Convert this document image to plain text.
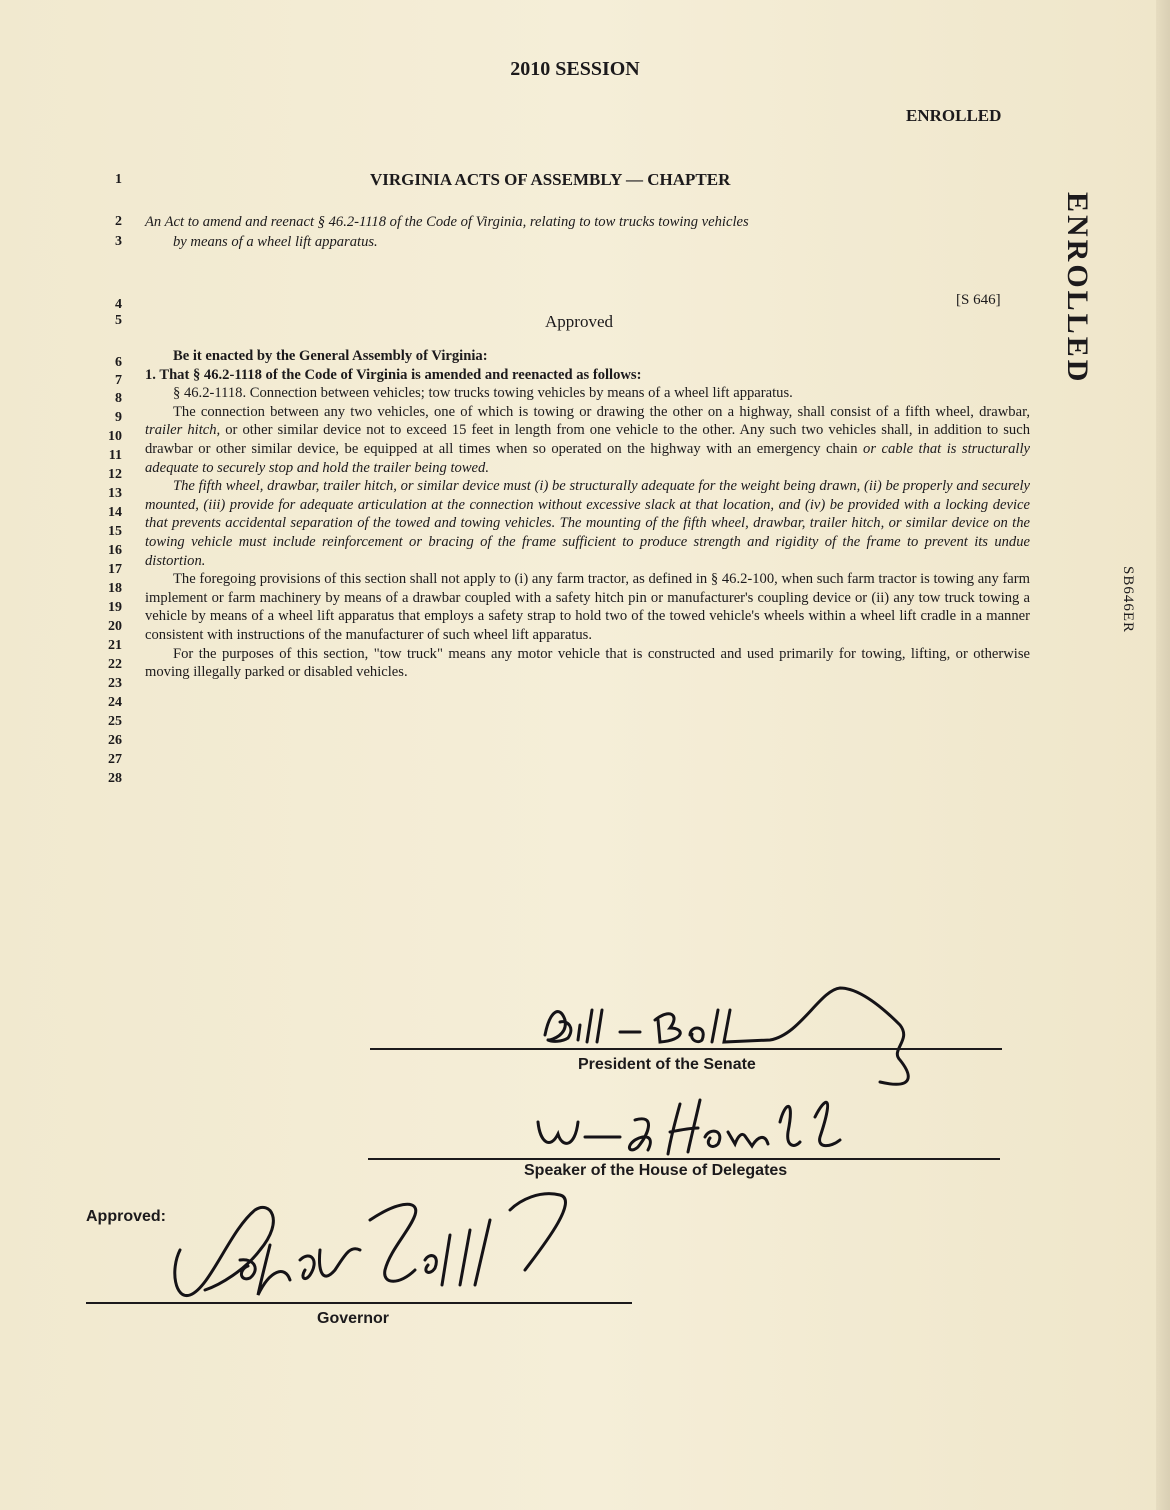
2010 SESSION
ENROLLED
VIRGINIA ACTS OF ASSEMBLY — CHAPTER
1
2
3
4
5
6
7
8
9
10
11
12
13
14
15
16
17
18
19
20
21
22
23
24
25
26
27
28

An Act to amend and reenact § 46.2-1118 of the Code of Virginia, relating to tow trucks towing vehicles

by means of a wheel lift apparatus.

[S 646]
Approved

Be it enacted by the General Assembly of Virginia:

1. That § 46.2-1118 of the Code of Virginia is amended and reenacted as follows:

§ 46.2-1118. Connection between vehicles; tow trucks towing vehicles by means of a wheel lift apparatus.

The connection between any two vehicles, one of which is towing or drawing the other on a highway, shall consist of a fifth wheel, drawbar, trailer hitch, or other similar device not to exceed 15 feet in length from one vehicle to the other. Any such two vehicles shall, in addition to such drawbar or other similar device, be equipped at all times when so operated on the highway with an emergency chain or cable that is structurally adequate to securely stop and hold the trailer being towed.

The fifth wheel, drawbar, trailer hitch, or similar device must (i) be structurally adequate for the weight being drawn, (ii) be properly and securely mounted, (iii) provide for adequate articulation at the connection without excessive slack at that location, and (iv) be provided with a locking device that prevents accidental separation of the towed and towing vehicles. The mounting of the fifth wheel, drawbar, trailer hitch, or similar device on the towing vehicle must include reinforcement or bracing of the frame sufficient to produce strength and rigidity of the frame to prevent its undue distortion.

The foregoing provisions of this section shall not apply to (i) any farm tractor, as defined in § 46.2-100, when such farm tractor is towing any farm implement or farm machinery by means of a drawbar coupled with a safety hitch pin or manufacturer's coupling device or (ii) any tow truck towing a vehicle by means of a wheel lift apparatus that employs a safety strap to hold two of the towed vehicle's wheels within a wheel lift cradle in a manner consistent with instructions of the manufacturer of such wheel lift apparatus.

For the purposes of this section, "tow truck" means any motor vehicle that is constructed and used primarily for towing, lifting, or otherwise moving illegally parked or disabled vehicles.

ENROLLED
SB646ER
President of the Senate
Speaker of the House of Delegates
Approved:
Governor
